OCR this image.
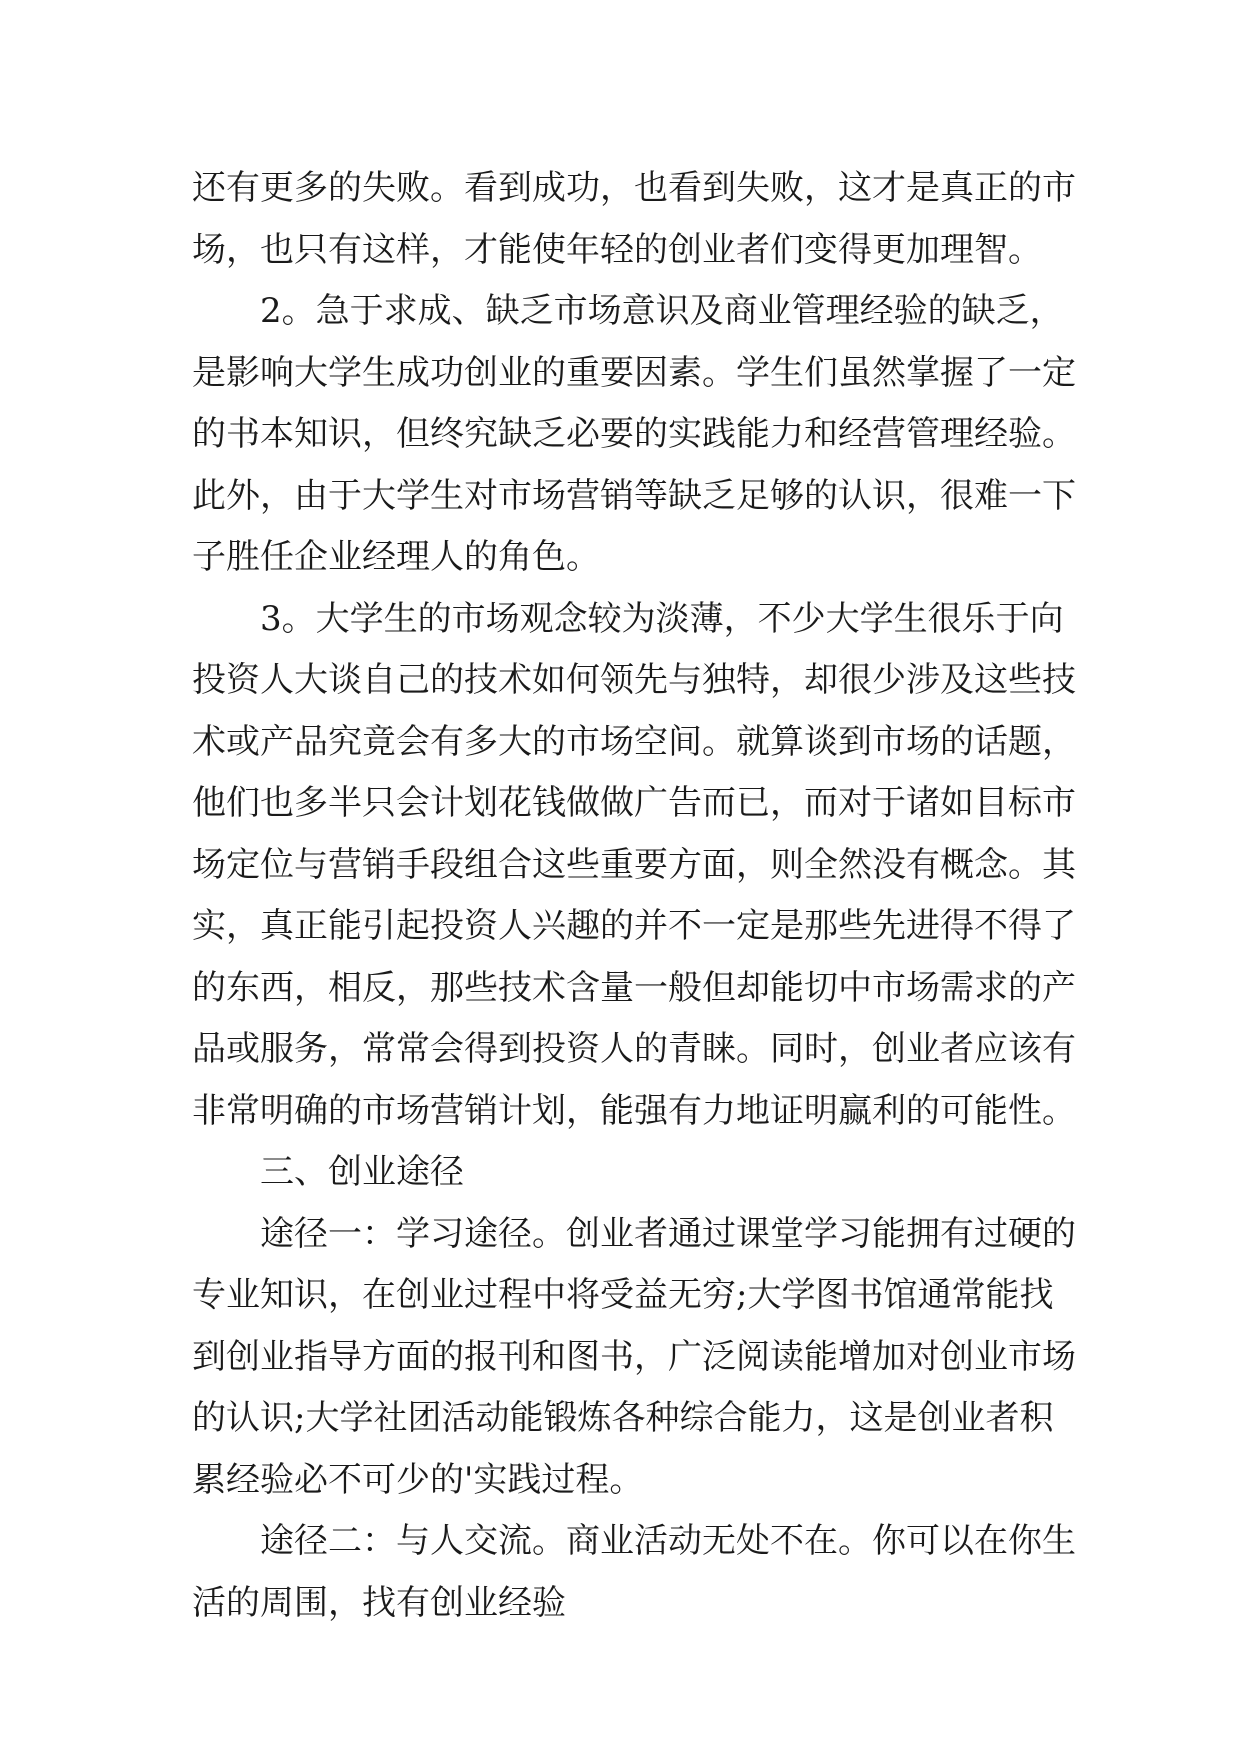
还有更多的失败。看到成功，也看到失败，这才是真正的市
场，也只有这样，才能使年轻的创业者们变得更加理智。
2。急于求成、缺乏市场意识及商业管理经验的缺乏，
是影响大学生成功创业的重要因素。学生们虽然掌握了一定
的书本知识，但终究缺乏必要的实践能力和经营管理经验。
此外，由于大学生对市场营销等缺乏足够的认识，很难一下
子胜任企业经理人的角色。
3。大学生的市场观念较为淡薄，不少大学生很乐于向
投资人大谈自己的技术如何领先与独特，却很少涉及这些技
术或产品究竟会有多大的市场空间。就算谈到市场的话题，
他们也多半只会计划花钱做做广告而已，而对于诸如目标市
场定位与营销手段组合这些重要方面，则全然没有概念。其
实，真正能引起投资人兴趣的并不一定是那些先进得不得了
的东西，相反，那些技术含量一般但却能切中市场需求的产
品或服务，常常会得到投资人的青睐。同时，创业者应该有
非常明确的市场营销计划，能强有力地证明赢利的可能性。
三、创业途径
途径一：学习途径。创业者通过课堂学习能拥有过硬的
专业知识，在创业过程中将受益无穷;大学图书馆通常能找
到创业指导方面的报刊和图书，广泛阅读能增加对创业市场
的认识;大学社团活动能锻炼各种综合能力，这是创业者积
累经验必不可少的'实践过程。
途径二：与人交流。商业活动无处不在。你可以在你生
活的周围，找有创业经验
